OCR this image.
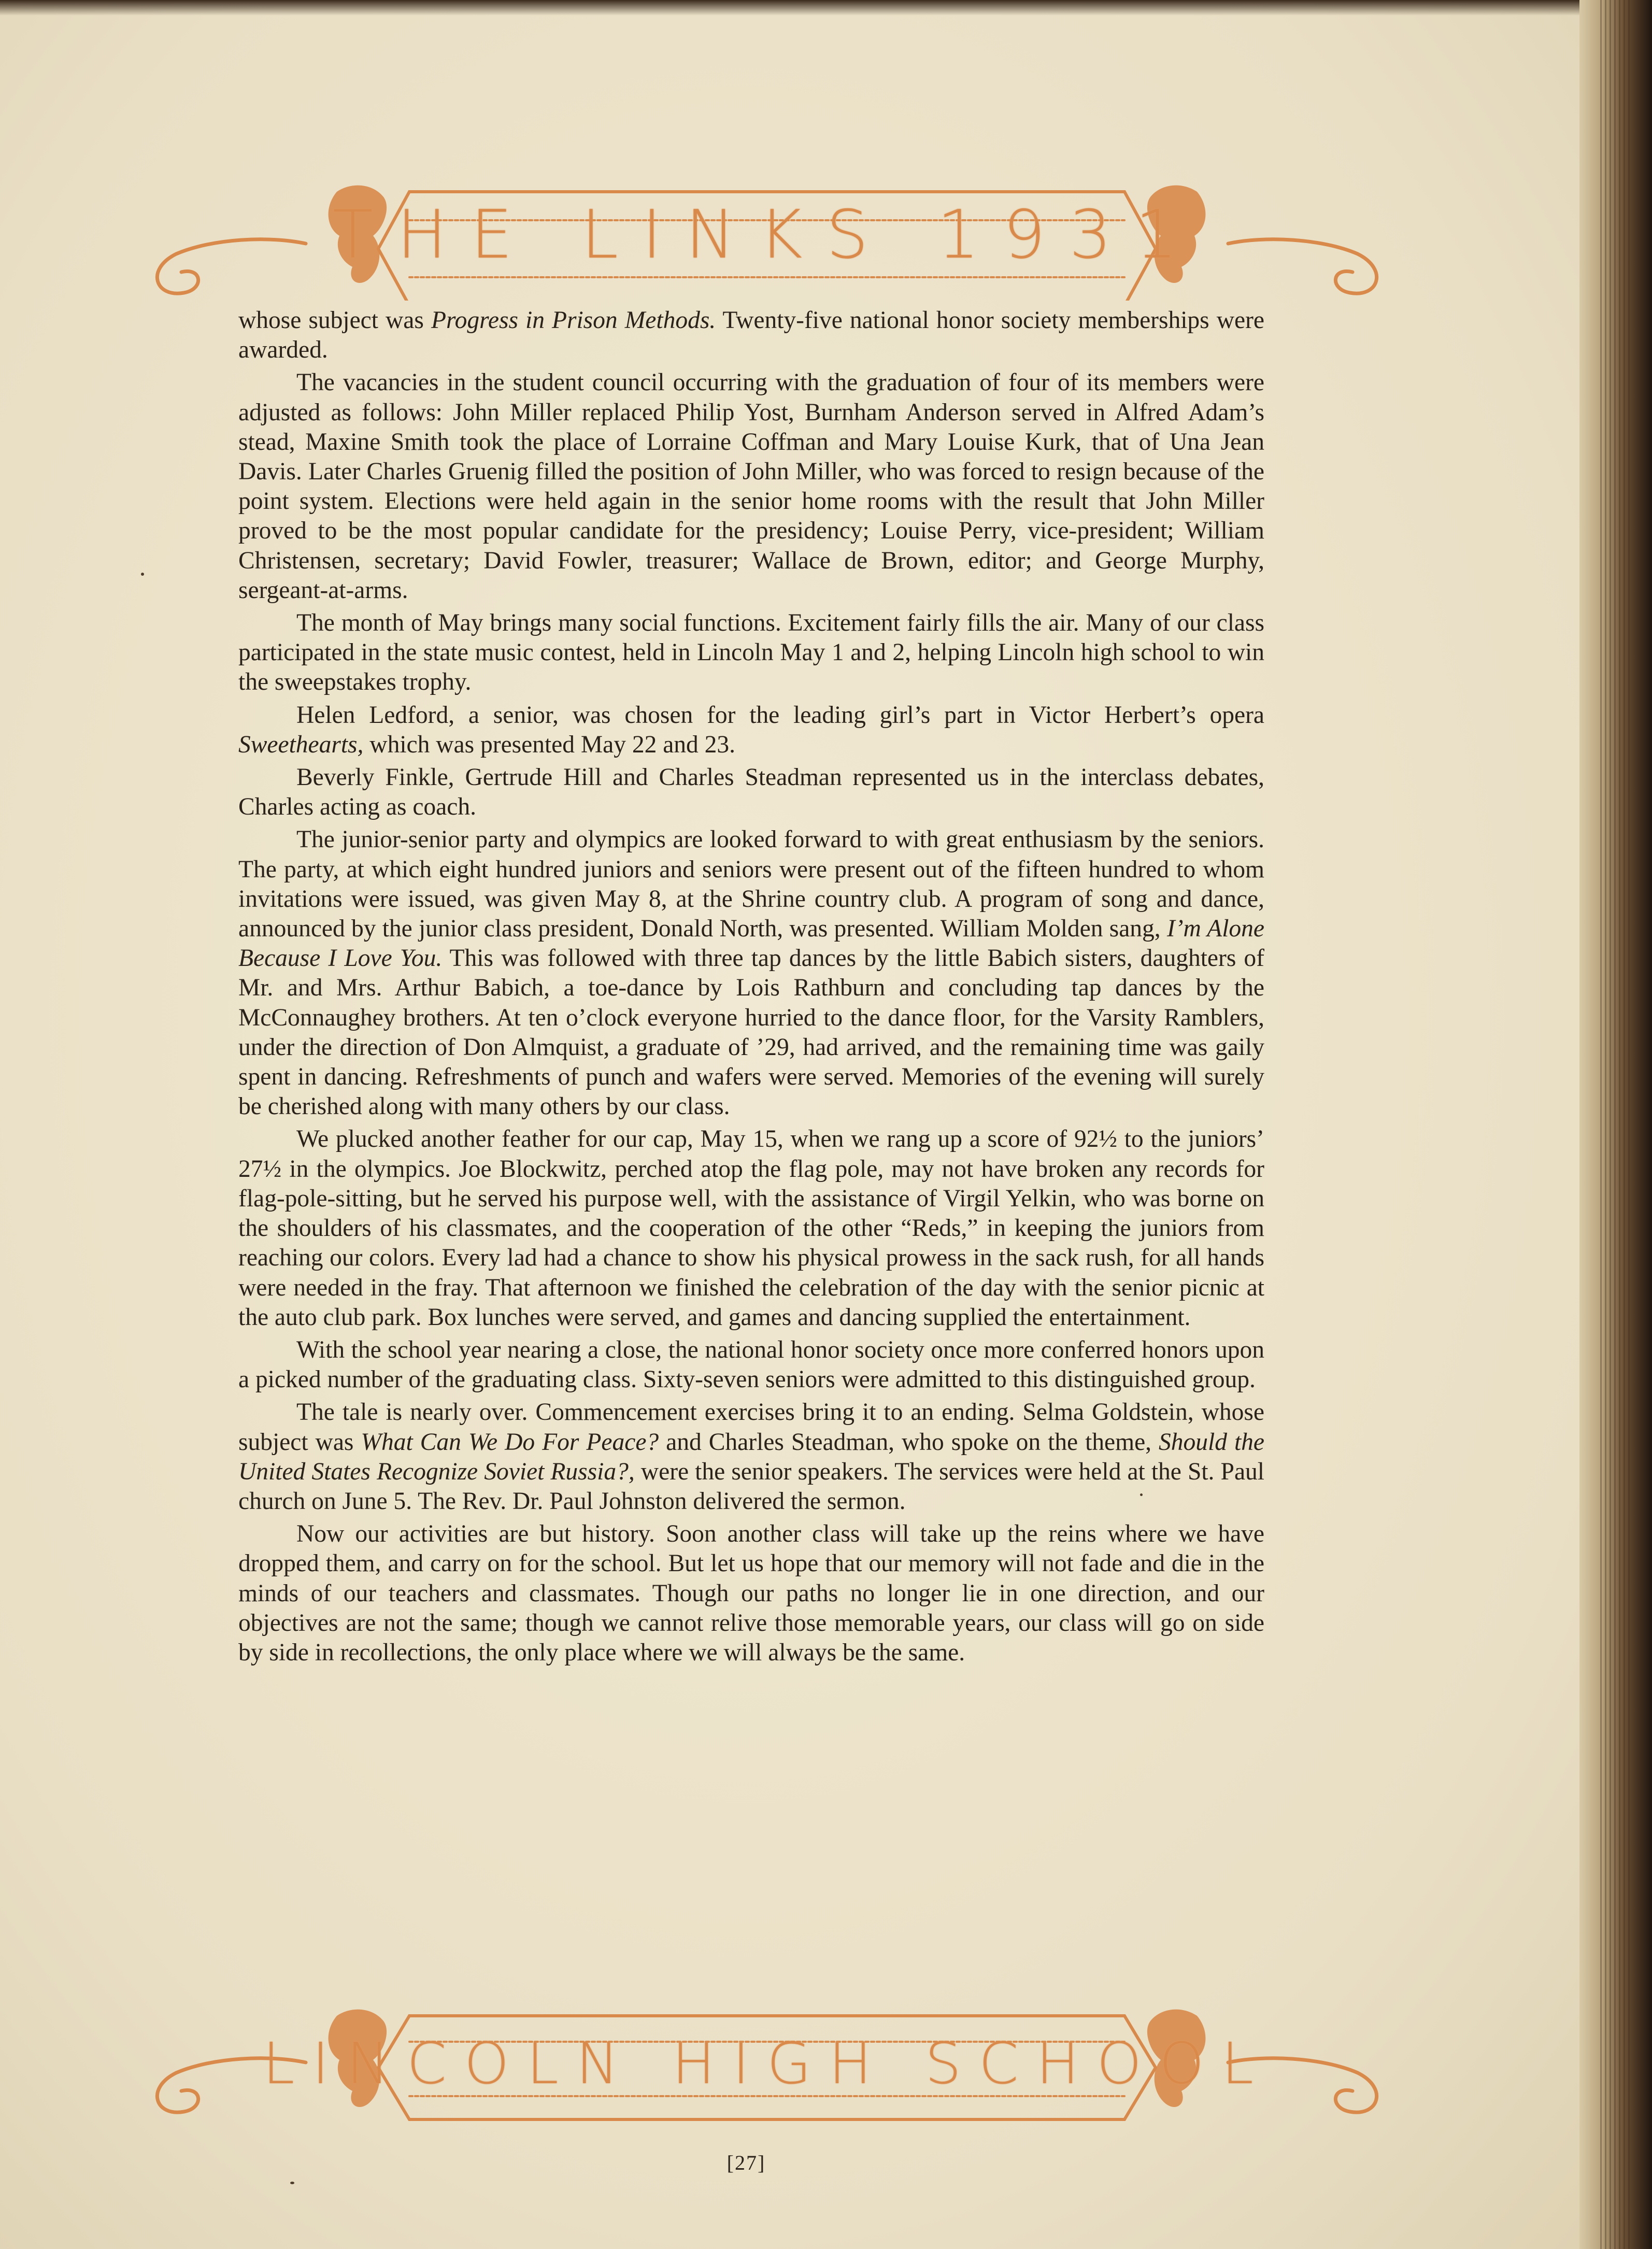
THE LINKS 1931

whose subject was Progress in Prison Methods. Twenty-five national honor society memberships were awarded.

The vacancies in the student council occurring with the graduation of four of its members were adjusted as follows: John Miller replaced Philip Yost, Burnham Anderson served in Alfred Adam’s stead, Maxine Smith took the place of Lorraine Coffman and Mary Louise Kurk, that of Una Jean Davis. Later Charles Gruenig filled the position of John Miller, who was forced to resign because of the point system. Elections were held again in the senior home rooms with the result that John Miller proved to be the most popular candidate for the presidency; Louise Perry, vice-president; William Christensen, secretary; David Fowler, treasurer; Wallace de Brown, editor; and George Murphy, sergeant-at-arms.

The month of May brings many social functions. Excitement fairly fills the air. Many of our class participated in the state music contest, held in Lincoln May 1 and 2, helping Lincoln high school to win the sweepstakes trophy.

Helen Ledford, a senior, was chosen for the leading girl’s part in Victor Herbert’s opera Sweethearts, which was presented May 22 and 23.

Beverly Finkle, Gertrude Hill and Charles Steadman represented us in the interclass debates, Charles acting as coach.

The junior-senior party and olympics are looked forward to with great enthusiasm by the seniors. The party, at which eight hundred juniors and seniors were present out of the fifteen hundred to whom invitations were issued, was given May 8, at the Shrine country club. A program of song and dance, announced by the junior class president, Donald North, was presented. William Molden sang, I’m Alone Because I Love You. This was followed with three tap dances by the little Babich sisters, daughters of Mr. and Mrs. Arthur Babich, a toe-dance by Lois Rathburn and concluding tap dances by the McConnaughey brothers. At ten o’clock everyone hurried to the dance floor, for the Varsity Ramblers, under the direction of Don Almquist, a graduate of ’29, had arrived, and the remaining time was gaily spent in dancing. Refreshments of punch and wafers were served. Memories of the evening will surely be cherished along with many others by our class.

We plucked another feather for our cap, May 15, when we rang up a score of 92½ to the juniors’ 27½ in the olympics. Joe Blockwitz, perched atop the flag pole, may not have broken any records for flag-pole-sitting, but he served his purpose well, with the assistance of Virgil Yelkin, who was borne on the shoulders of his classmates, and the cooperation of the other “Reds,” in keeping the juniors from reaching our colors. Every lad had a chance to show his physical prowess in the sack rush, for all hands were needed in the fray. That afternoon we finished the celebration of the day with the senior picnic at the auto club park. Box lunches were served, and games and dancing supplied the entertainment.

With the school year nearing a close, the national honor society once more conferred honors upon a picked number of the graduating class. Sixty-seven seniors were admitted to this distinguished group.

The tale is nearly over. Commencement exercises bring it to an ending. Selma Goldstein, whose subject was What Can We Do For Peace? and Charles Steadman, who spoke on the theme, Should the United States Recognize Soviet Russia?, were the senior speakers. The services were held at the St. Paul church on June 5. The Rev. Dr. Paul Johnston delivered the sermon.

Now our activities are but history. Soon another class will take up the reins where we have dropped them, and carry on for the school. But let us hope that our memory will not fade and die in the minds of our teachers and classmates. Though our paths no longer lie in one direction, and our objectives are not the same; though we cannot relive those memorable years, our class will go on side by side in recollections, the only place where we will always be the same.

LINCOLN HIGH SCHOOL
[27]
